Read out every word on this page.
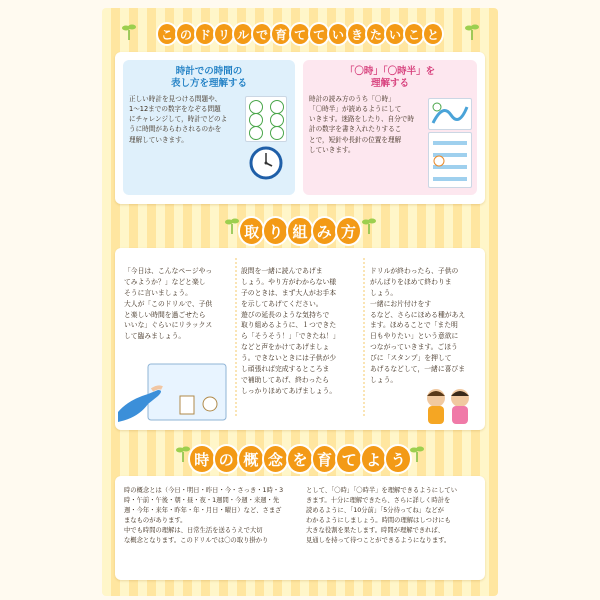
こ の ド リ ル で 育 て て い き た い こ と
時計での時間の
表し方を理解する
正しい時計を見つける問題や、
1～12までの数字をなぞる問題
にチャレンジして，時計でどのよ
うに時間があらわされるのかを
理解していきます。
「〇時」「〇時半」を
理解する
時計の読み方のうち「〇時」
「〇時半」が読めるようにして
いきます。迷路をしたり、自分で時
計の数字を書き入れたりするこ
とで，短針や長針の位置を理解
していきます。
取 り 組 み 方
「今日は、こんなページやっ
てみようか？」などと楽し
そうに言いましょう。
大人が「このドリルで、子供
と楽しい時間を過ごせたら
いいな」ぐらいにリラックス
して臨みましょう。
設問を一緒に読んであげま
しょう。やり方がわからない様
子のときは、まず大人がお手本
を示してあげてください。
遊びの延長のような気持ちで
取り組めるように、１つできた
ら「そうそう！」「できたね！」
などと声をかけてあげましょ
う。できないときには子供が少
し頑張れば完成するところま
で補助してあげ、終わったら
しっかりほめてあげましょう。
ドリルが終わったら、子供の
がんばりをほめて終わりま
しょう。
一緒にお片付けをす
るなど、さらにほめる種があえ
ます。ほめることで「また明
日もやりたい」という意欲に
つながっていきます。ごほう
びに「スタンプ」を押して
あげるなどして，一緒に喜びま
しょう。
時 の 概 念 を 育 て よ う
時の概念とは（今日・明日・昨日・今・さっき・1時・3
時・午前・午後・朝・昼・夜・1週間・今週・来週・先
週・今年・来年・昨年・年・月日・曜日）など、さまざ
まなものがあります。
中でも時間の理解は、日常生活を送るうえで大切
な概念となります。このドリルでは〇の取り掛かり
として、「〇時」「〇時半」を理解できるようにしてい
きます。十分に理解できたら、さらに詳しく時計を
読めるように、「10分前」「5分待ってね」などが
わかるようにしましょう。時間の理解はしつけにも
大きな役割を果たします。時間が理解できれば、
見通しを持って待つことができるようになります。
